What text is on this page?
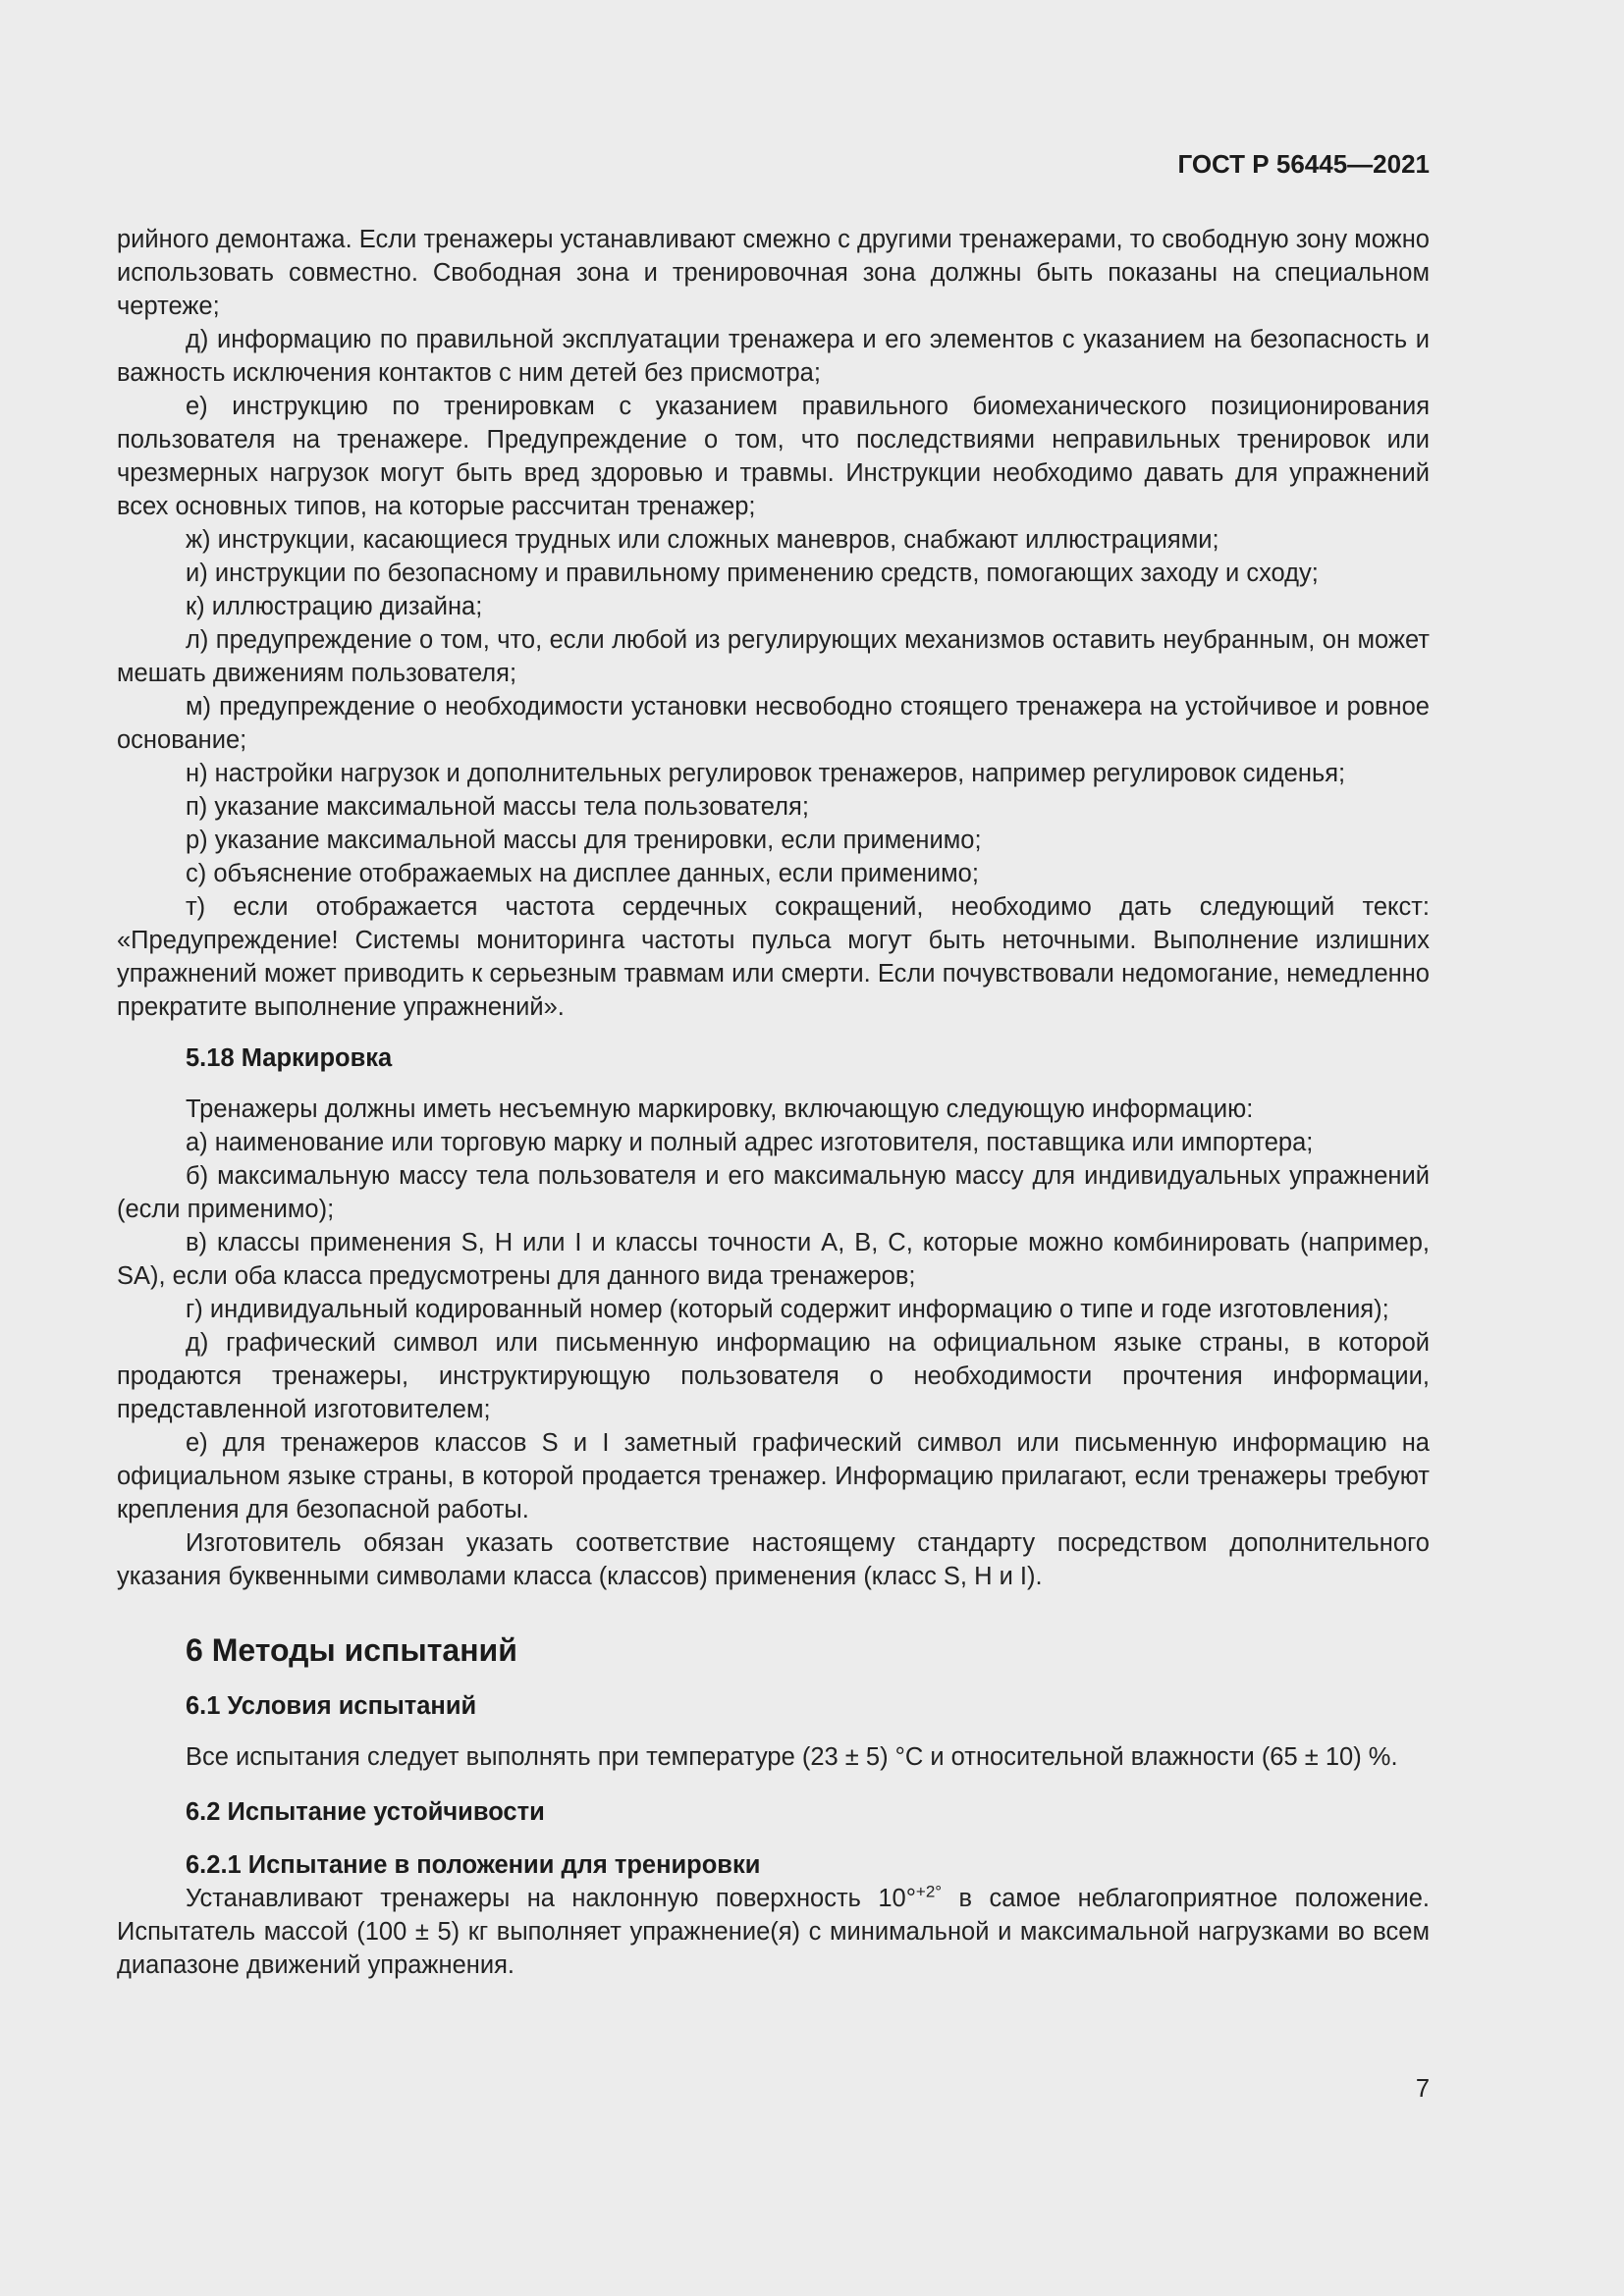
ГОСТ Р 56445—2021

рийного демонтажа. Если тренажеры устанавливают смежно с другими тренажерами, то свободную зону можно использовать совместно. Свободная зона и тренировочная зона должны быть показаны на специальном чертеже;

д) информацию по правильной эксплуатации тренажера и его элементов с указанием на безопасность и важность исключения контактов с ним детей без присмотра;

е) инструкцию по тренировкам с указанием правильного биомеханического позиционирования пользователя на тренажере. Предупреждение о том, что последствиями неправильных тренировок или чрезмерных нагрузок могут быть вред здоровью и травмы. Инструкции необходимо давать для упражнений всех основных типов, на которые рассчитан тренажер;

ж) инструкции, касающиеся трудных или сложных маневров, снабжают иллюстрациями;

и) инструкции по безопасному и правильному применению средств, помогающих заходу и сходу;

к) иллюстрацию дизайна;

л) предупреждение о том, что, если любой из регулирующих механизмов оставить неубранным, он может мешать движениям пользователя;

м) предупреждение о необходимости установки несвободно стоящего тренажера на устойчивое и ровное основание;

н) настройки нагрузок и дополнительных регулировок тренажеров, например регулировок сиденья;

п) указание максимальной массы тела пользователя;

р) указание максимальной массы для тренировки, если применимо;

с) объяснение отображаемых на дисплее данных, если применимо;

т) если отображается частота сердечных сокращений, необходимо дать следующий текст: «Предупреждение! Системы мониторинга частоты пульса могут быть неточными. Выполнение излишних упражнений может приводить к серьезным травмам или смерти. Если почувствовали недомогание, немедленно прекратите выполнение упражнений».

5.18 Маркировка

Тренажеры должны иметь несъемную маркировку, включающую следующую информацию:

а) наименование или торговую марку и полный адрес изготовителя, поставщика или импортера;

б) максимальную массу тела пользователя и его максимальную массу для индивидуальных упражнений (если применимо);

в) классы применения S, H или I и классы точности A, B, C, которые можно комбинировать (например, SA), если оба класса предусмотрены для данного вида тренажеров;

г) индивидуальный кодированный номер (который содержит информацию о типе и годе изготовления);

д) графический символ или письменную информацию на официальном языке страны, в которой продаются тренажеры, инструктирующую пользователя о необходимости прочтения информации, представленной изготовителем;

е) для тренажеров классов S и I заметный графический символ или письменную информацию на официальном языке страны, в которой продается тренажер. Информацию прилагают, если тренажеры требуют крепления для безопасной работы.

Изготовитель обязан указать соответствие настоящему стандарту посредством дополнительного указания буквенными символами класса (классов) применения (класс S, H и I).

6 Методы испытаний

6.1 Условия испытаний

Все испытания следует выполнять при температуре (23 ± 5) °C и относительной влажности (65 ± 10) %.

6.2 Испытание устойчивости

6.2.1 Испытание в положении для тренировки

Устанавливают тренажеры на наклонную поверхность 10°$^{+2^\circ}$ в самое неблагоприятное положение. Испытатель массой (100 ± 5) кг выполняет упражнение(я) с минимальной и максимальной нагрузками во всем диапазоне движений упражнения.

7
